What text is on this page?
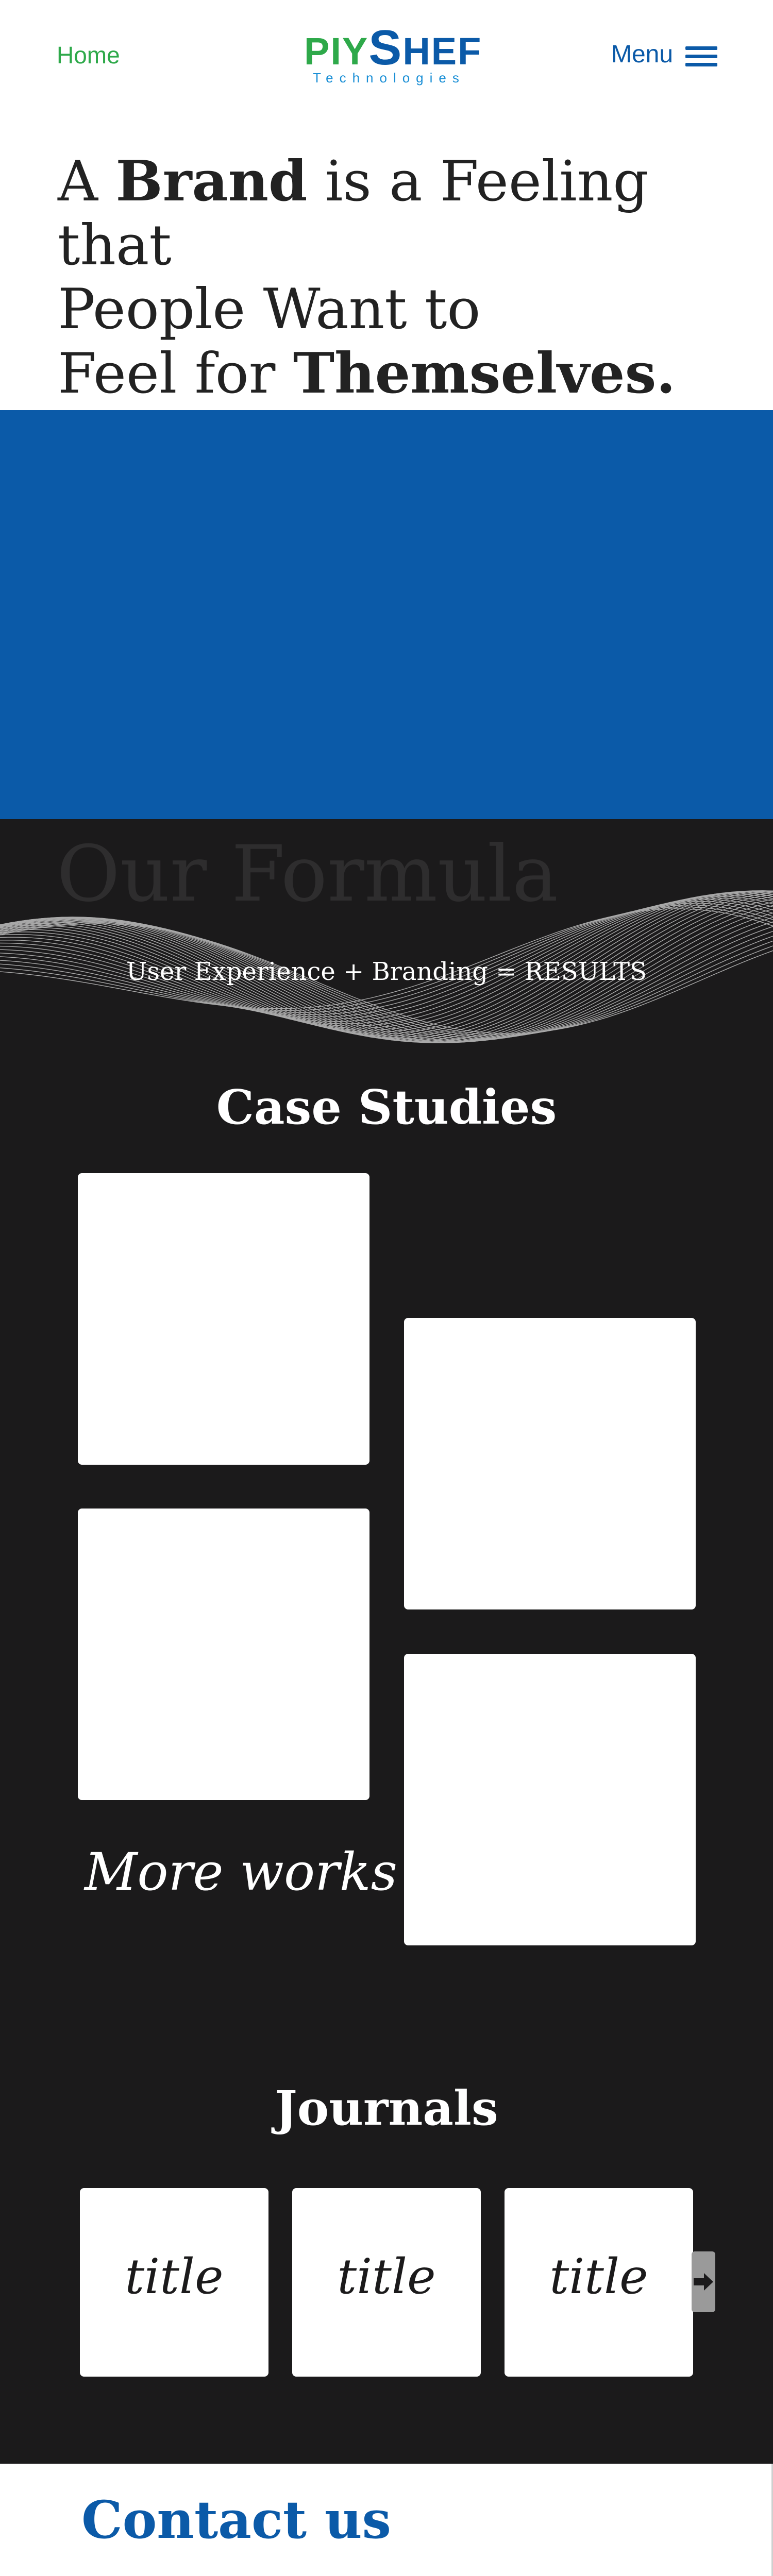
Home	PIYSHEF
Technologies
Menu
A Brand is a Feeling that
People Want to
Feel for Themselves.
Our Formula
User Experience + Branding = RESULTS
Case Studies
More works
Journals
title	title	title
Contact us
